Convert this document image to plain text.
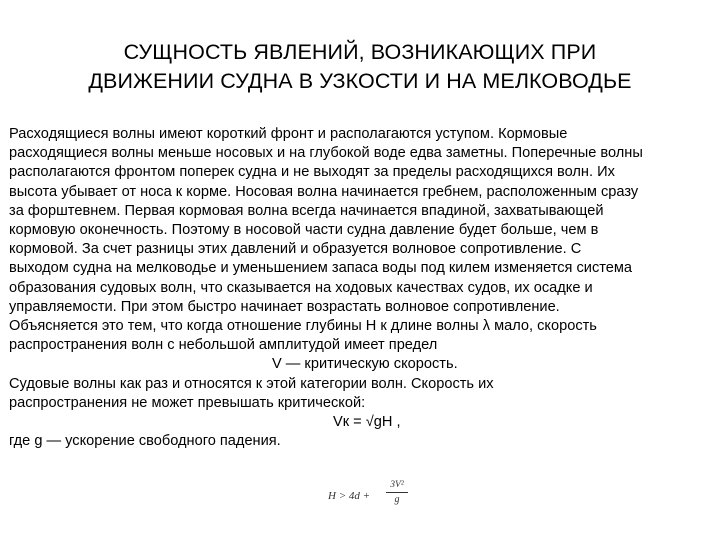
СУЩНОСТЬ ЯВЛЕНИЙ, ВОЗНИКАЮЩИХ ПРИ
ДВИЖЕНИИ СУДНА В УЗКОСТИ И НА МЕЛКОВОДЬЕ
Расходящиеся волны имеют короткий фронт и располагаются уступом. Кормовые
расходящиеся волны меньше носовых и на глубокой воде едва заметны. Поперечные волны
располагаются фронтом поперек судна и не выходят за пределы расходящихся волн. Их
высота убывает от носа к корме. Носовая волна начинается гребнем, расположенным сразу
за форштевнем. Первая кормовая волна всегда начинается впадиной, захватывающей
кормовую оконечность. Поэтому в носовой части судна давление будет больше, чем в
кормовой. За счет разницы этих давлений и образуется волновое сопротивление. С
выходом судна на мелководье и уменьшением запаса воды под килем изменяется система
образования судовых волн, что сказывается на ходовых качествах судов, их осадке и
управляемости. При этом быстро начинает возрастать волновое сопротивление.
Объясняется это тем, что когда отношение глубины H к длине волны λ мало, скорость
распространения волн с небольшой амплитудой имеет предел
V — критическую скорость.
Судовые волны как раз и относятся к этой категории волн. Скорость их
распространения не может превышать критической:
Vк = √gH ,
где g — ускорение свободного падения.
H > 4d +
3V²
g
